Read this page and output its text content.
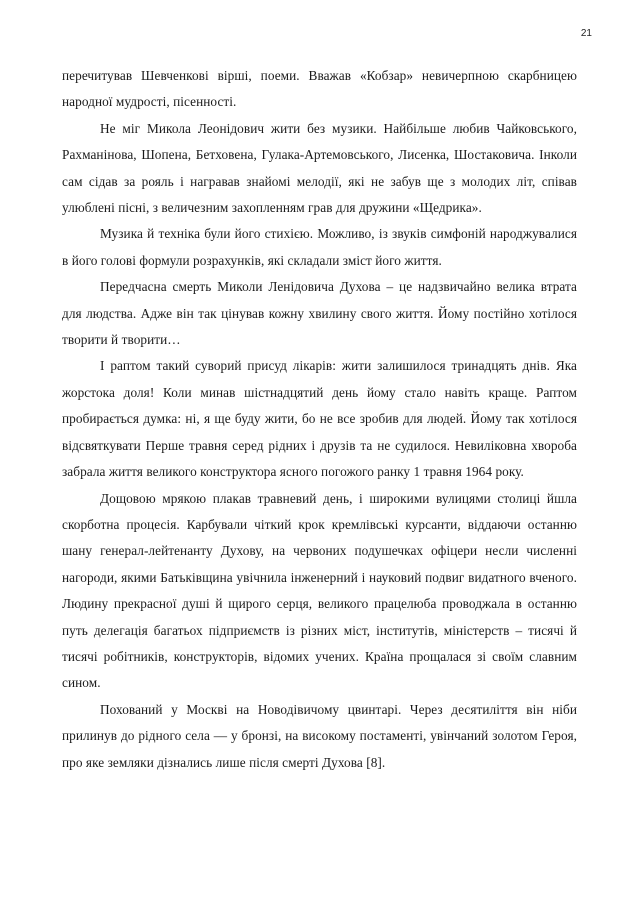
21

перечитував Шевченкові вірші, поеми. Вважав «Кобзар» невичерпною скарбницею народної мудрості, пісенності.

Не міг Микола Леонідович жити без музики. Найбільше любив Чайковського, Рахманінова, Шопена, Бетховена, Гулака-Артемовського, Лисенка, Шостаковича. Інколи сам сідав за рояль і награвав знайомі мелодії, які не забув ще з молодих літ, співав улюблені пісні, з величезним захопленням грав для дружини «Щедрика».

Музика й техніка були його стихією. Можливо, із звуків симфоній народжувалися в його голові формули розрахунків, які складали зміст його життя.

Передчасна смерть Миколи Ленідовича Духова – це надзвичайно велика втрата для людства. Адже він так цінував кожну хвилину свого життя. Йому постійно хотілося творити й творити…

І раптом такий суворий присуд лікарів: жити залишилося тринадцять днів. Яка жорстока доля! Коли минав шістнадцятий день йому стало навіть краще. Раптом пробирається думка: ні, я ще буду жити, бо не все зробив для людей. Йому так хотілося відсвяткувати Перше травня серед рідних і друзів та не судилося. Невиліковна хвороба забрала життя великого конструктора ясного погожого ранку 1 травня 1964 року.

Дощовою мрякою плакав травневий день, і широкими вулицями столиці йшла скорботна процесія. Карбували чіткий крок кремлівські курсанти, віддаючи останню шану генерал-лейтенанту Духову, на червоних подушечках офіцери несли численні нагороди, якими Батьківщина увічнила інженерний і науковий подвиг видатного вченого. Людину прекрасної душі й щирого серця, великого працелюба проводжала в останню путь делегація багатьох підприємств із різних міст, інститутів, міністерств – тисячі й тисячі робітників, конструкторів, відомих учених. Країна прощалася зі своїм славним сином.

Похований у Москві на Новодівичому цвинтарі. Через десятиліття він ніби прилинув до рідного села — у бронзі, на високому постаменті, увінчаний золотом Героя, про яке земляки дізнались лише після смерті Духова [8].
